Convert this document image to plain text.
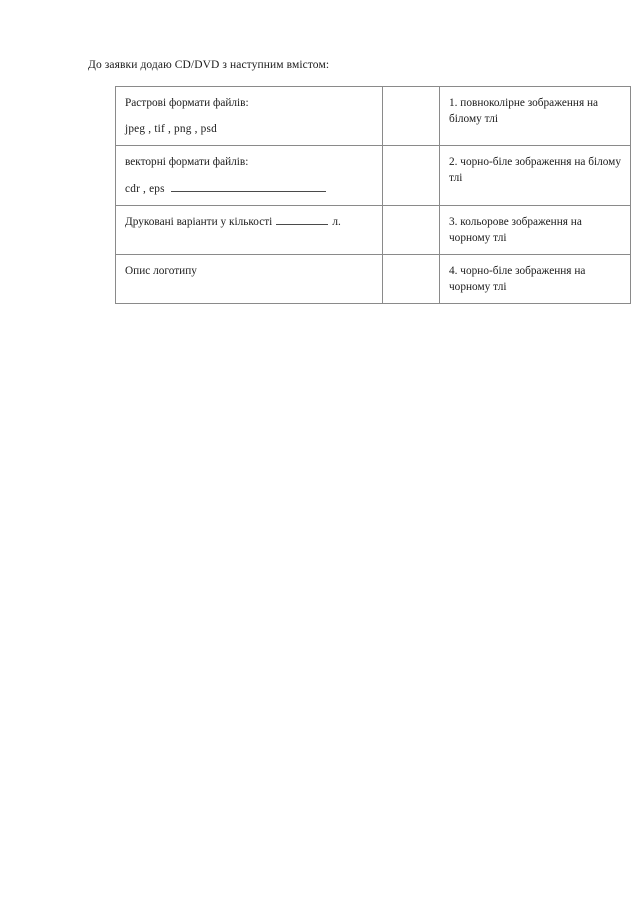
До заявки додаю CD/DVD з наступним вмістом:
Растрові формати файлів:
jpeg , tif , png , psd		1. повноколірне зображення на білому тлі

векторні формати файлів:
cdr , eps		2. чорно-біле зображення на білому тлі
Друковані варіанти у кількості л.		3. кольорове зображення на чорному тлі
Опис логотипу		4. чорно-біле зображення на чорному тлі
